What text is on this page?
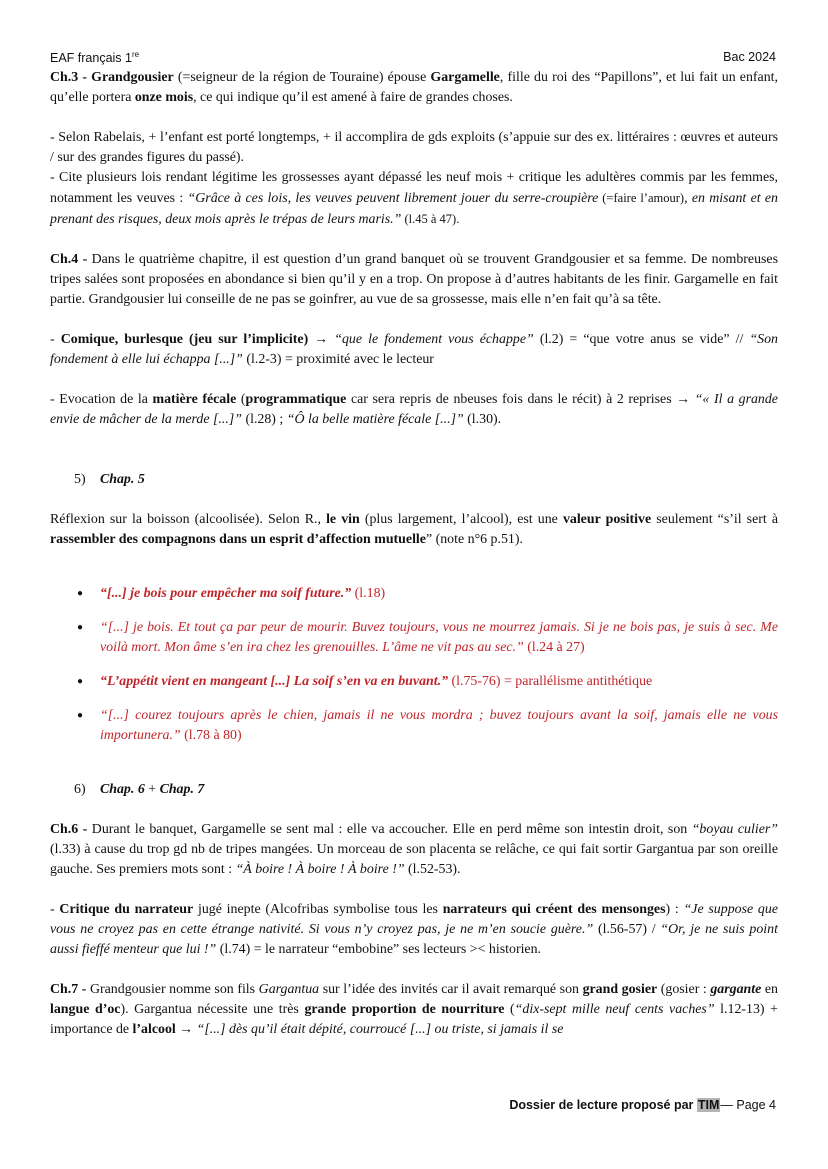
EAF français 1re	Bac 2024

Ch.3 - Grandgousier (=seigneur de la région de Touraine) épouse Gargamelle, fille du roi des “Papillons”, et lui fait un enfant, qu’elle portera onze mois, ce qui indique qu’il est amené à faire de grandes choses.

- Selon Rabelais, + l’enfant est porté longtemps, + il accomplira de gds exploits (s’appuie sur des ex. littéraires : œuvres et auteurs / sur des grandes figures du passé).

- Cite plusieurs lois rendant légitime les grossesses ayant dépassé les neuf mois + critique les adultères commis par les femmes, notamment les veuves : “Grâce à ces lois, les veuves peuvent librement jouer du serre-croupière (=faire l’amour), en misant et en prenant des risques, deux mois après le trépas de leurs maris.” (l.45 à 47).

Ch.4 - Dans le quatrième chapitre, il est question d’un grand banquet où se trouvent Grandgousier et sa femme. De nombreuses tripes salées sont proposées en abondance si bien qu’il y en a trop. On propose à d’autres habitants de les finir. Gargamelle en fait partie. Grandgousier lui conseille de ne pas se goinfrer, au vue de sa grossesse, mais elle n’en fait qu’à sa tête.

- Comique, burlesque (jeu sur l’implicite) → “que le fondement vous échappe” (l.2) = “que votre anus se vide” // “Son fondement à elle lui échappa [...]” (l.2-3) = proximité avec le lecteur

- Evocation de la matière fécale (programmatique car sera repris de nbeuses fois dans le récit) à 2 reprises → “« Il a grande envie de mâcher de la merde [...]” (l.28) ; “Ô la belle matière fécale [...]” (l.30).

5) Chap. 5

Réflexion sur la boisson (alcoolisée). Selon R., le vin (plus largement, l’alcool), est une valeur positive seulement “s’il sert à rassembler des compagnons dans un esprit d’affection mutuelle” (note n°6 p.51).

● “[...] je bois pour empêcher ma soif future.” (l.18)
● “[...] je bois. Et tout ça par peur de mourir. Buvez toujours, vous ne mourrez jamais. Si je ne bois pas, je suis à sec. Me voilà mort. Mon âme s’en ira chez les grenouilles. L’âme ne vit pas au sec.” (l.24 à 27)
● “L’appétit vient en mangeant [...] La soif s’en va en buvant.” (l.75-76) = parallélisme antithétique
● “[...] courez toujours après le chien, jamais il ne vous mordra ; buvez toujours avant la soif, jamais elle ne vous importunera.” (l.78 à 80)

6) Chap. 6 + Chap. 7

Ch.6 - Durant le banquet, Gargamelle se sent mal : elle va accoucher. Elle en perd même son intestin droit, son “boyau culier” (l.33) à cause du trop gd nb de tripes mangées. Un morceau de son placenta se relâche, ce qui fait sortir Gargantua par son oreille gauche. Ses premiers mots sont : “À boire ! À boire ! À boire !” (l.52-53).

- Critique du narrateur jugé inepte (Alcofribas symbolise tous les narrateurs qui créent des mensonges) : “Je suppose que vous ne croyez pas en cette étrange nativité. Si vous n’y croyez pas, je ne m’en soucie guère.” (l.56-57) / “Or, je ne suis point aussi fieffé menteur que lui !” (l.74) = le narrateur “embobine” ses lecteurs >< historien.

Ch.7 - Grandgousier nomme son fils Gargantua sur l’idée des invités car il avait remarqué son grand gosier (gosier : gargante en langue d’oc). Gargantua nécessite une très grande proportion de nourriture (“dix-sept mille neuf cents vaches” l.12-13) + importance de l’alcool → “[...] dès qu’il était dépité, courroucé [...] ou triste, si jamais il se

Dossier de lecture proposé par TIM— Page 4
